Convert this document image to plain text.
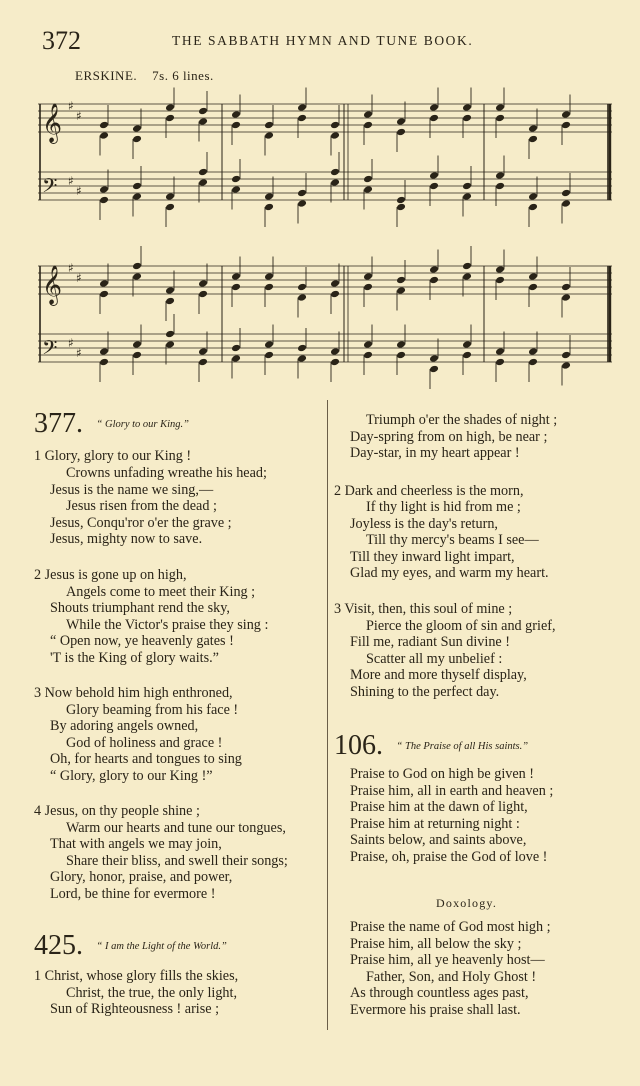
372	THE SABBATH HYMN AND TUNE BOOK.
ERSKINE. 7s. 6 lines.
𝄞 ♯
♯
𝄢 ♯
♯
𝄞 ♯
♯
𝄢 ♯
♯
377. “ Glory to our King.”
1 Glory, glory to our King !
Crowns unfading wreathe his head;
Jesus is the name we sing,—
Jesus risen from the dead ;
Jesus, Conqu'ror o'er the grave ;
Jesus, mighty now to save.
2 Jesus is gone up on high,
Angels come to meet their King ;
Shouts triumphant rend the sky,
While the Victor's praise they sing :
“ Open now, ye heavenly gates !
'T is the King of glory waits.”
3 Now behold him high enthroned,
Glory beaming from his face !
By adoring angels owned,
God of holiness and grace !
Oh, for hearts and tongues to sing
“ Glory, glory to our King !”
4 Jesus, on thy people shine ;
Warm our hearts and tune our tongues,
That with angels we may join,
Share their bliss, and swell their songs;
Glory, honor, praise, and power,
Lord, be thine for evermore !
Triumph o'er the shades of night ;
Day-spring from on high, be near ;
Day-star, in my heart appear !
2 Dark and cheerless is the morn,
If thy light is hid from me ;
Joyless is the day's return,
Till thy mercy's beams I see—
Till they inward light impart,
Glad my eyes, and warm my heart.
3 Visit, then, this soul of mine ;
Pierce the gloom of sin and grief,
Fill me, radiant Sun divine !
Scatter all my unbelief :
More and more thyself display,
Shining to the perfect day.
425. “ I am the Light of the World.”
1 Christ, whose glory fills the skies,
Christ, the true, the only light,
Sun of Righteousness ! arise ;
106. “ The Praise of all His saints.”
Praise to God on high be given !
Praise him, all in earth and heaven ;
Praise him at the dawn of light,
Praise him at returning night :
Saints below, and saints above,
Praise, oh, praise the God of love !
Doxology.
Praise the name of God most high ;
Praise him, all below the sky ;
Praise him, all ye heavenly host—
Father, Son, and Holy Ghost !
As through countless ages past,
Evermore his praise shall last.
